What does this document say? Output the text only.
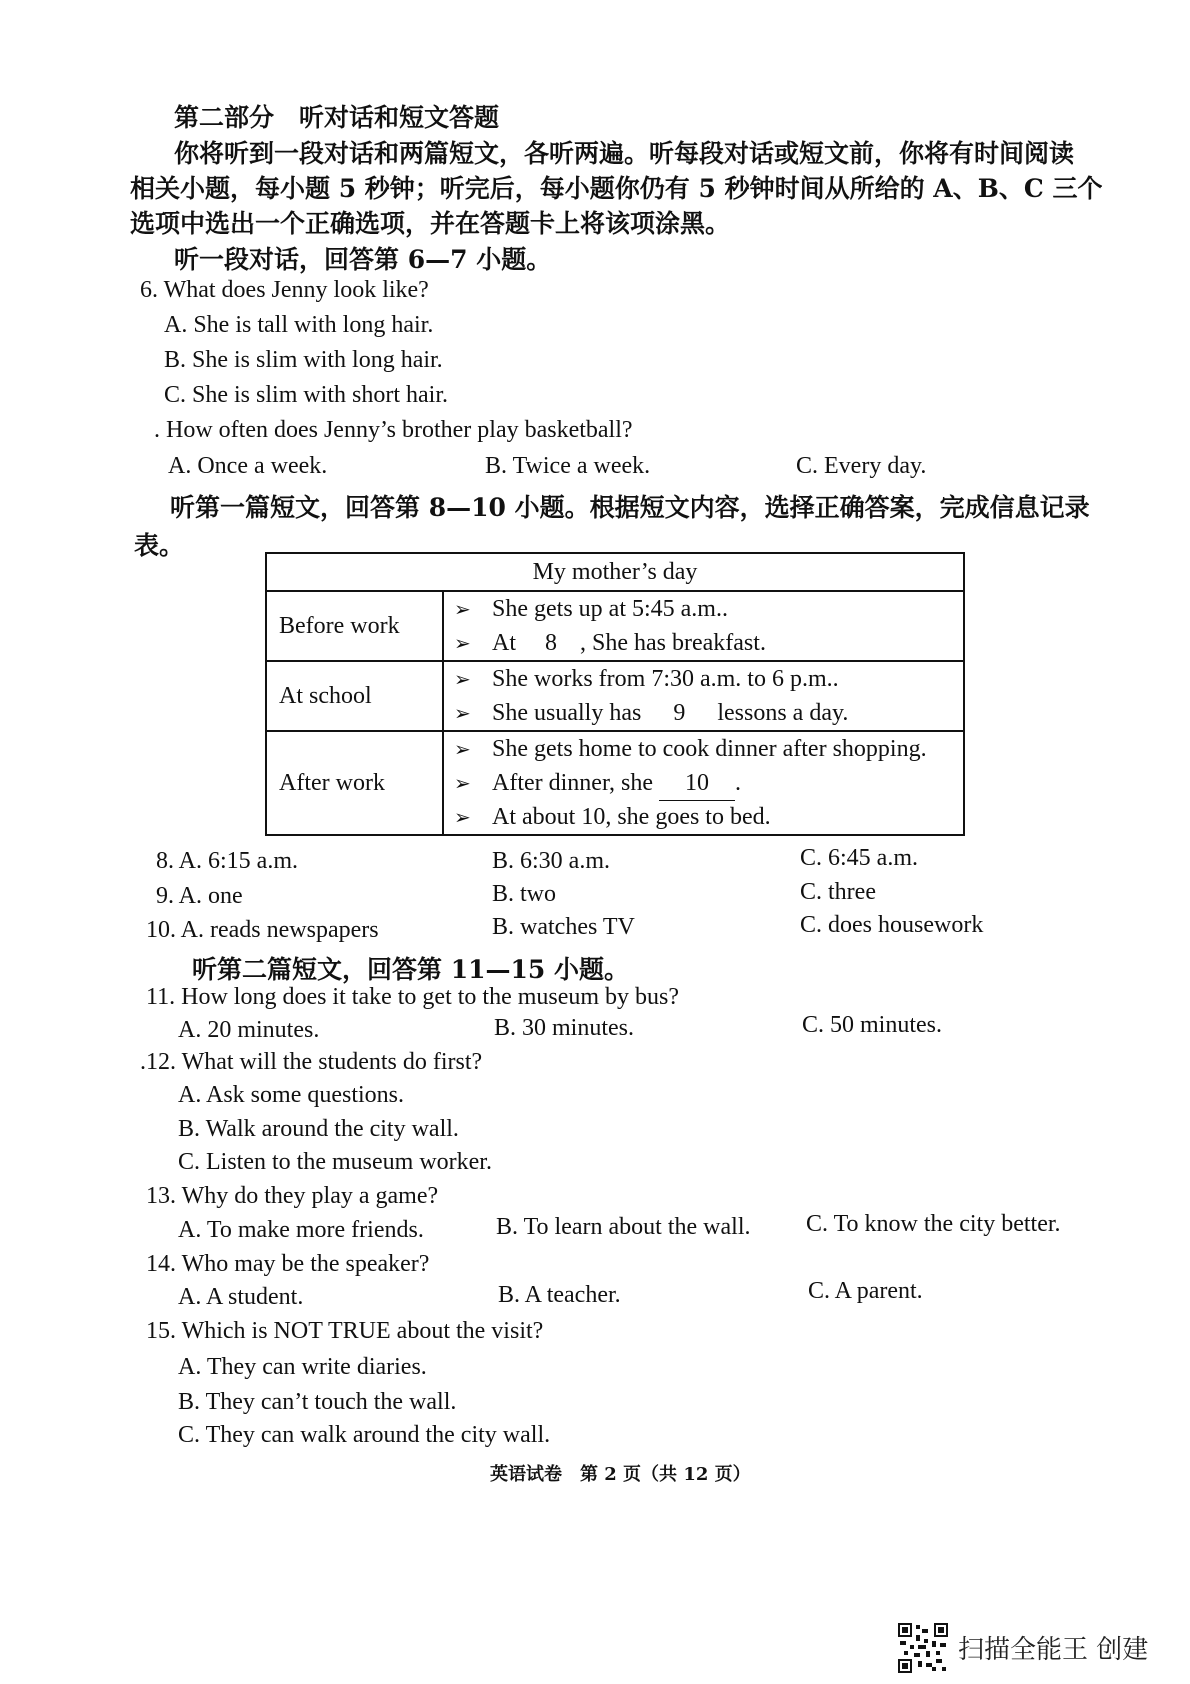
第二部分　听对话和短文答题
你将听到一段对话和两篇短文，各听两遍。听每段对话或短文前，你将有时间阅读
相关小题，每小题 5 秒钟；听完后，每小题你仍有 5 秒钟时间从所给的 A、B、C 三个
选项中选出一个正确选项，并在答题卡上将该项涂黑。
听一段对话，回答第 6—7 小题。
6. What does Jenny look like?
A. She is tall with long hair.
B. She is slim with long hair.
C. She is slim with short hair.
. How often does Jenny’s brother play basketball?
A. Once a week.	B. Twice a week.	C. Every day.
听第一篇短文，回答第 8—10 小题。根据短文内容，选择正确答案，完成信息记录
表。
My mother’s day	
Before work	➢ She gets up at 5:45 a.m..
➢ At 8 , She has breakfast.

At school	➢ She works from 7:30 a.m. to 6 p.m..
➢ She usually has 9 lessons a day.

After work	➢ She gets home to cook dinner after shopping.
➢ After dinner, she 10 .
➢ At about 10, she goes to bed.
8. A. 6:15 a.m.	B. 6:30 a.m.	C. 6:45 a.m.
9. A. one	B. two	C. three
10. A. reads newspapers	B. watches TV	C. does housework
听第二篇短文，回答第 11—15 小题。
11. How long does it take to get to the museum by bus?
A. 20 minutes.	B. 30 minutes.	C. 50 minutes.
.12. What will the students do first?
A. Ask some questions.
B. Walk around the city wall.
C. Listen to the museum worker.
13. Why do they play a game?
A. To make more friends.	B. To learn about the wall. C. To know the city better.
14. Who may be the speaker?
A. A student.	B. A teacher.	C. A parent.
15. Which is NOT TRUE about the visit?
A. They can write diaries.
B. They can’t touch the wall.
C. They can walk around the city wall.
英语试卷　第 2 页（共 12 页）
扫描全能王 创建
